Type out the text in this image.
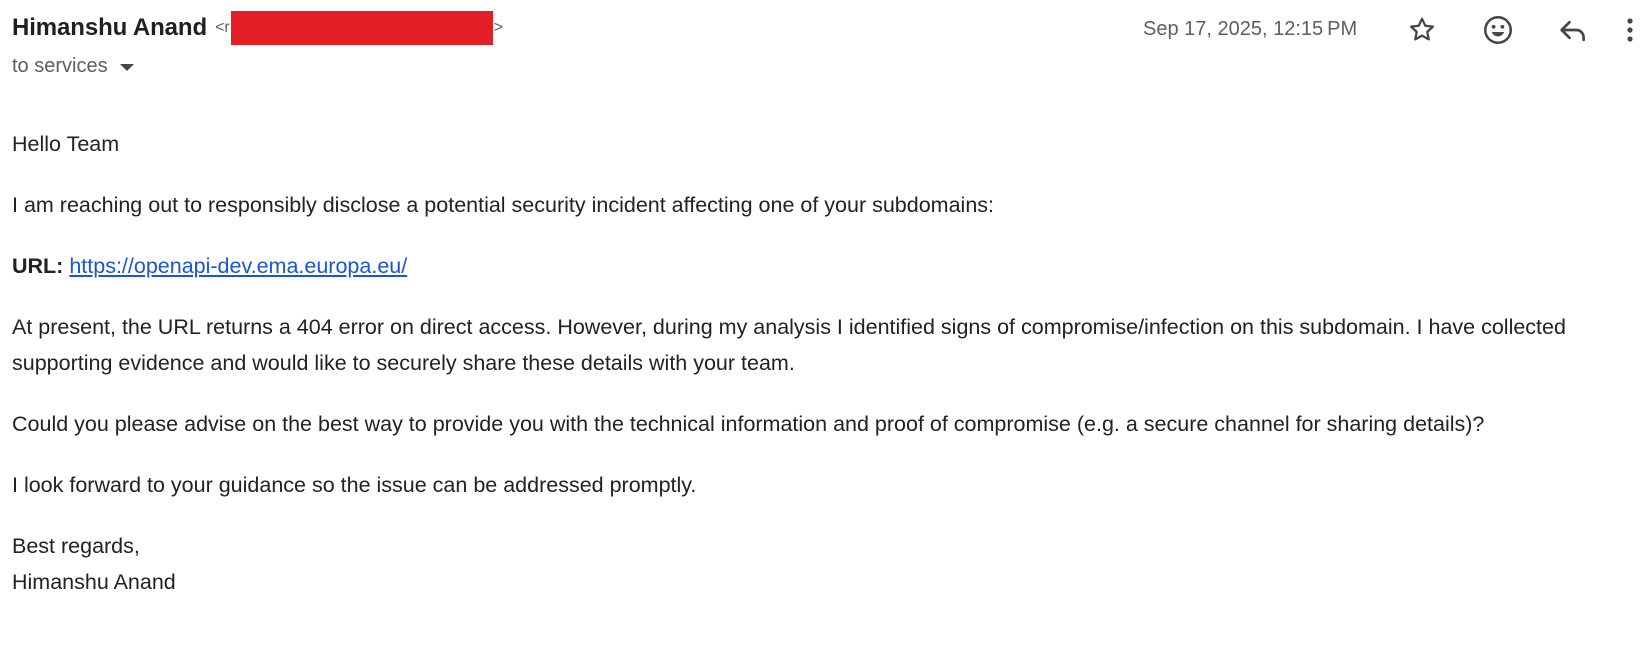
Himanshu Anand < r	>
to services
Sep 17, 2025, 12:15 PM

Hello Team

I am reaching out to responsibly disclose a potential security incident affecting one of your subdomains:

URL: https://openapi-dev.ema.europa.eu/

At present, the URL returns a 404 error on direct access. However, during my analysis I identified signs of compromise/infection on this subdomain. I have collected supporting evidence and would like to securely share these details with your team.

Could you please advise on the best way to provide you with the technical information and proof of compromise (e.g. a secure channel for sharing details)?

I look forward to your guidance so the issue can be addressed promptly.

Best regards,

Himanshu Anand
